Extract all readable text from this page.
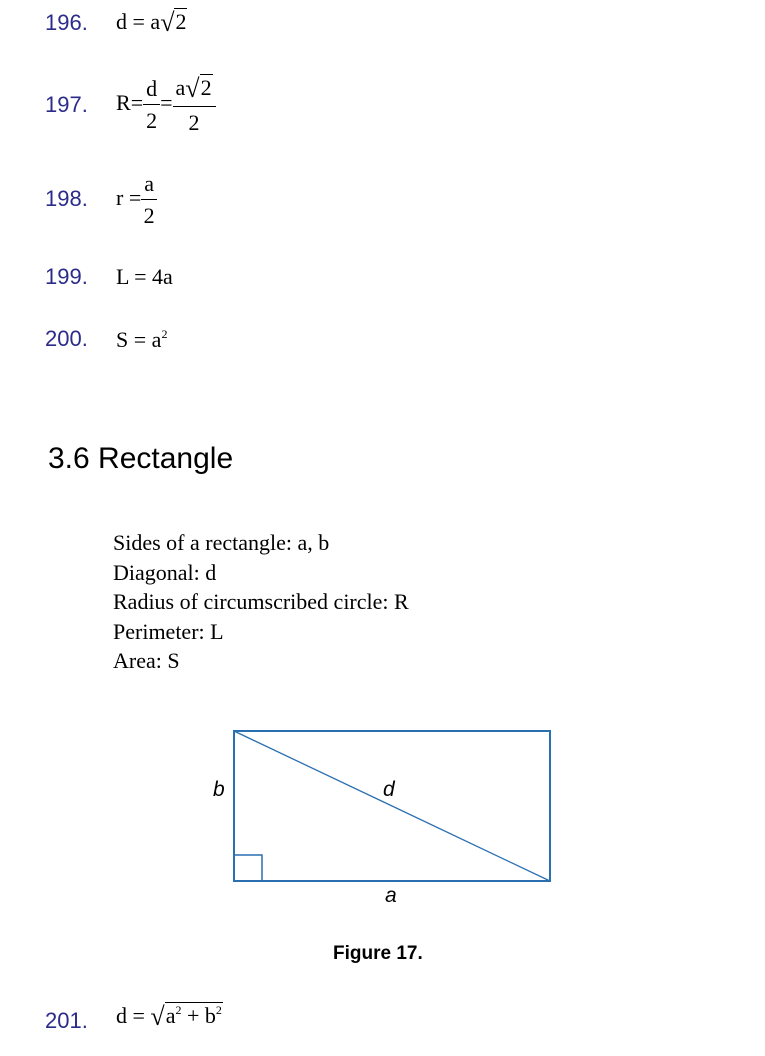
196. d = a√2
197. $R= \frac{d}{2} = \frac{a√2}{2}$
198. $r = \frac{a}{2}$
199. L = 4a
200. $S = a^2$
3.6 Rectangle
Sides of a rectangle: a, b
Diagonal: d
Radius of circumscribed circle: R
Perimeter: L
Area: S
b	d
a
Figure 17.
201. $d = √a^2 + b^2$
